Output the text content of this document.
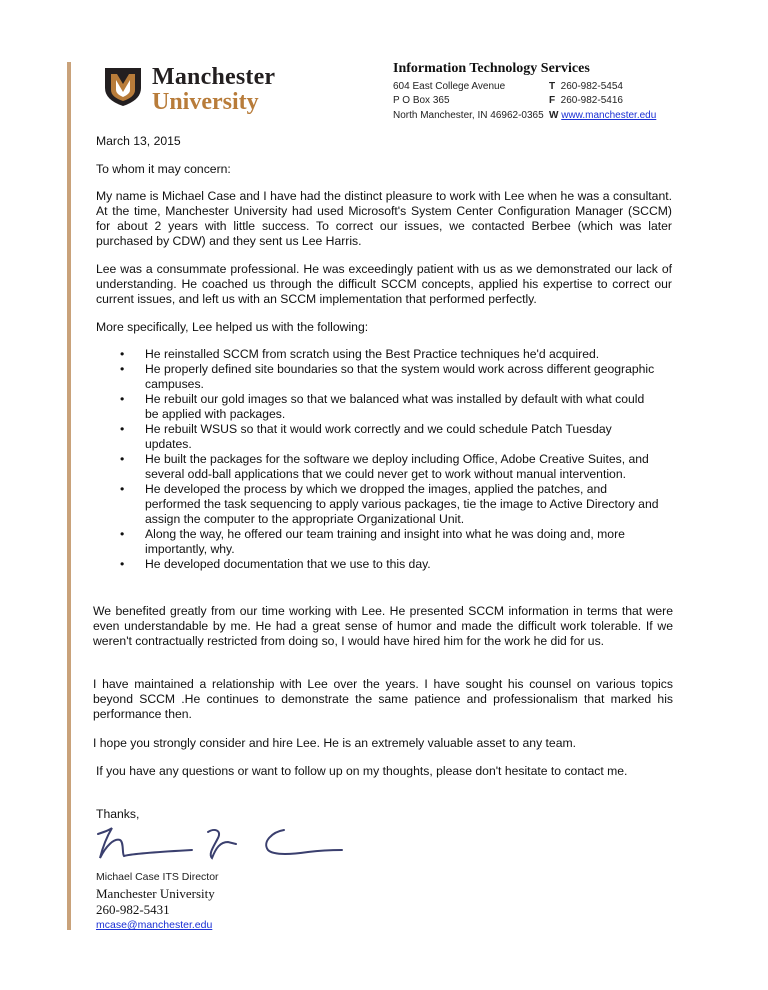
Manchester
University
Information Technology Services
604 East College Avenue
P O Box 365
North Manchester, IN 46962-0365
T 260-982-5454
F 260-982-5416
W www.manchester.edu

March 13, 2015

To whom it may concern:

My name is Michael Case and I have had the distinct pleasure to work with Lee when he was a consultant. At the time, Manchester University had used Microsoft's System Center Configuration Manager (SCCM) for about 2 years with little success. To correct our issues, we contacted Berbee (which was later purchased by CDW) and they sent us Lee Harris.

Lee was a consummate professional. He was exceedingly patient with us as we demonstrated our lack of understanding. He coached us through the difficult SCCM concepts, applied his expertise to correct our current issues, and left us with an SCCM implementation that performed perfectly.

More specifically, Lee helped us with the following:

• He reinstalled SCCM from scratch using the Best Practice techniques he'd acquired.
• He properly defined site boundaries so that the system would work across different geographic campuses.
• He rebuilt our gold images so that we balanced what was installed by default with what could be applied with packages.
• He rebuilt WSUS so that it would work correctly and we could schedule Patch Tuesday updates.
• He built the packages for the software we deploy including Office, Adobe Creative Suites, and several odd-ball applications that we could never get to work without manual intervention.
• He developed the process by which we dropped the images, applied the patches, and performed the task sequencing to apply various packages, tie the image to Active Directory and assign the computer to the appropriate Organizational Unit.
• Along the way, he offered our team training and insight into what he was doing and, more importantly, why.
• He developed documentation that we use to this day.

We benefited greatly from our time working with Lee. He presented SCCM information in terms that were even understandable by me. He had a great sense of humor and made the difficult work tolerable. If we weren't contractually restricted from doing so, I would have hired him for the work he did for us.

I have maintained a relationship with Lee over the years. I have sought his counsel on various topics beyond SCCM .He continues to demonstrate the same patience and professionalism that marked his performance then.

I hope you strongly consider and hire Lee. He is an extremely valuable asset to any team.

If you have any questions or want to follow up on my thoughts, please don't hesitate to contact me.

Thanks,

Michael Case ITS Director
Manchester University
260-982-5431
mcase@manchester.edu
